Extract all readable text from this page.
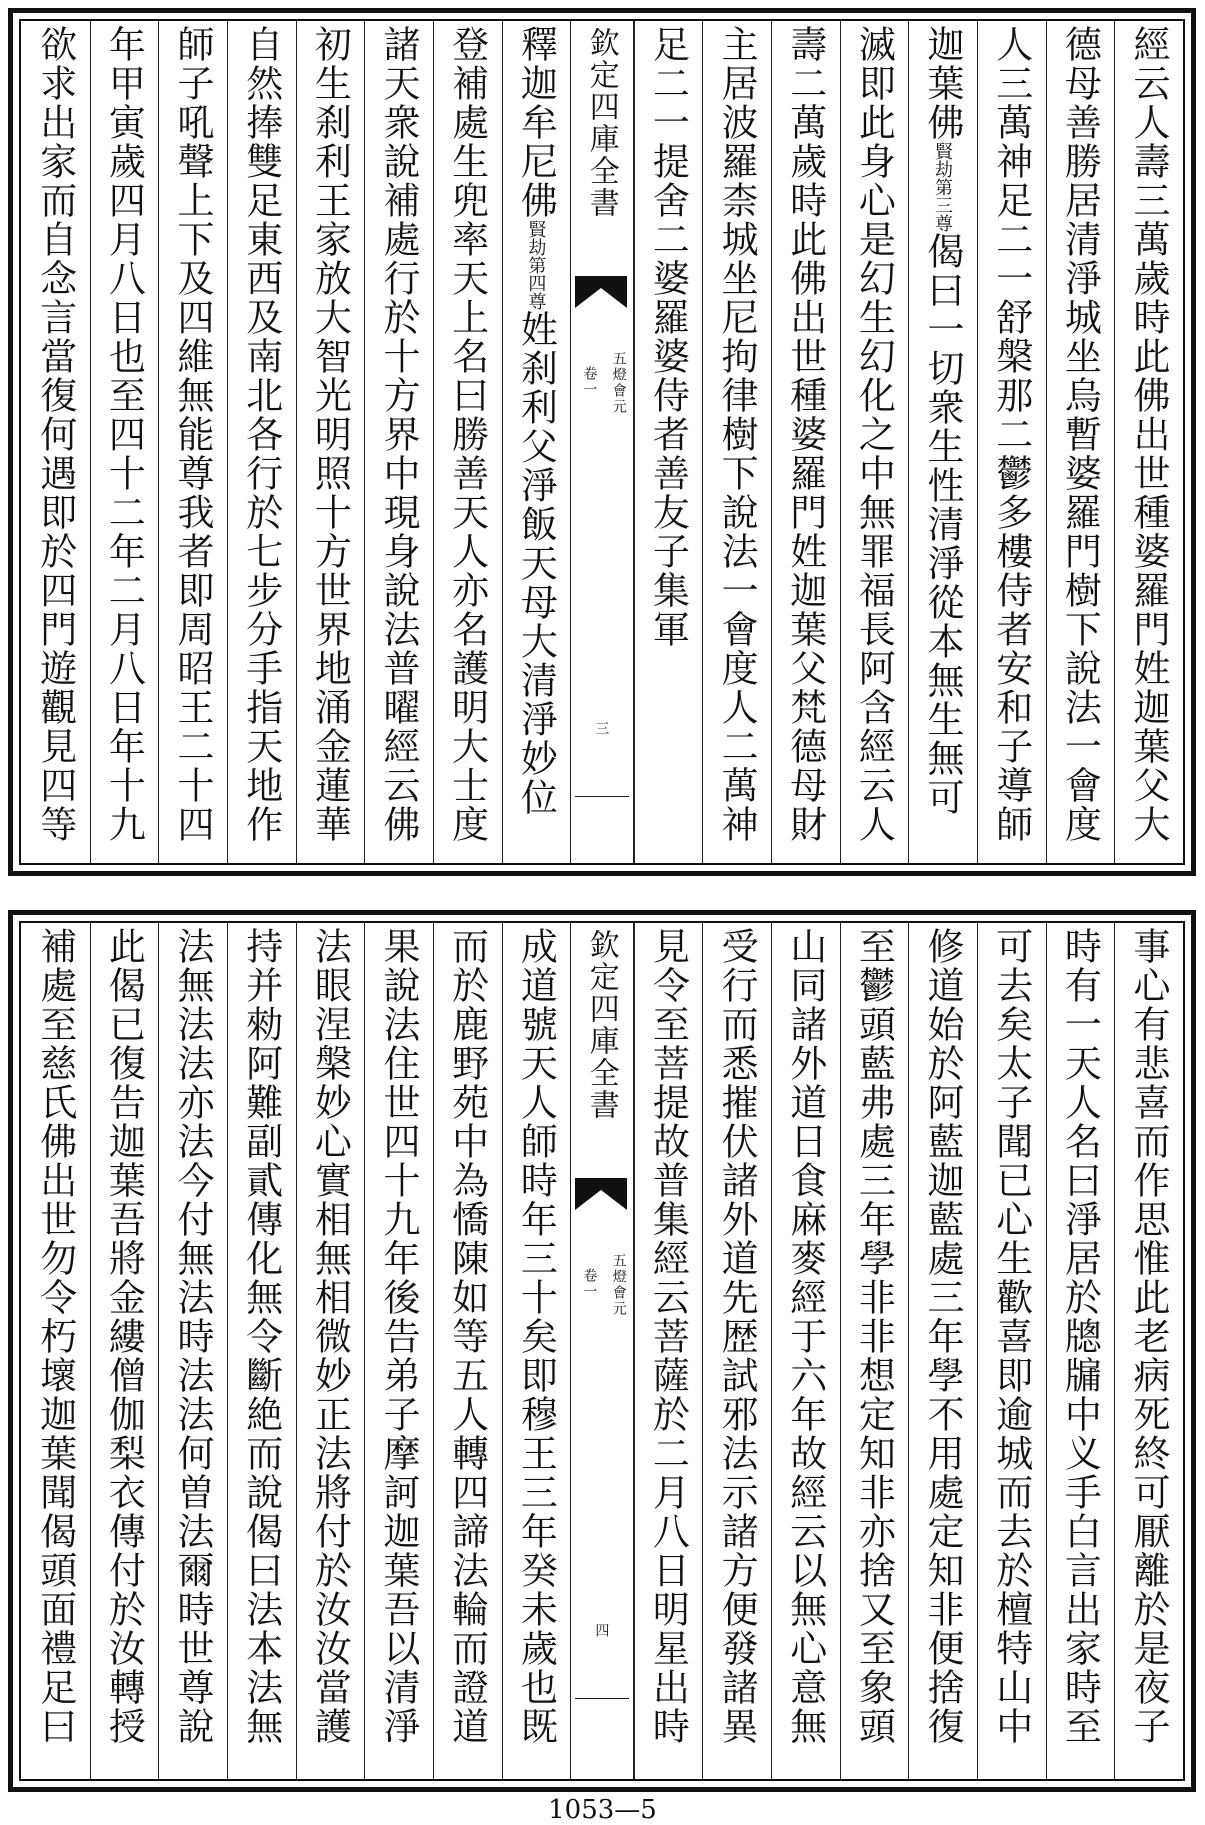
經云人壽三萬歲時此佛出世種婆羅門姓迦葉父大
德母善勝居清淨城坐烏暫婆羅門樹下說法一會度
人三萬神足二一舒槃那二鬱多樓侍者安和子導師
迦葉佛賢劫第三尊偈曰一切衆生性清淨從本無生無可
滅即此身心是幻生幻化之中無罪福長阿含經云人
壽二萬歲時此佛出世種婆羅門姓迦葉父梵德母財
主居波羅柰城坐尼拘律樹下說法一會度人二萬神
足二一提舍二婆羅婆侍者善友子集軍
欽定四庫全書
五燈會元
卷一
三
釋迦牟尼佛賢劫第四尊姓刹利父淨飯天母大清淨妙位
登補處生兜率天上名曰勝善天人亦名護明大士度
諸天衆說補處行於十方界中現身說法普曜經云佛
初生刹利王家放大智光明照十方世界地涌金蓮華
自然捧雙足東西及南北各行於七步分手指天地作
師子吼聲上下及四維無能尊我者即周昭王二十四
年甲寅歲四月八日也至四十二年二月八日年十九
欲求出家而自念言當復何遇即於四門遊觀見四等
事心有悲喜而作思惟此老病死終可厭離於是夜子
時有一天人名曰淨居於牕牖中义手白言出家時至
可去矣太子聞已心生歡喜即逾城而去於檀特山中
修道始於阿藍迦藍處三年學不用處定知非便捨復
至鬱頭藍弗處三年學非非想定知非亦捨又至象頭
山同諸外道日食麻麥經于六年故經云以無心意無
受行而悉摧伏諸外道先歴試邪法示諸方便發諸異
見令至菩提故普集經云菩薩於二月八日明星出時
欽定四庫全書
五燈會元
卷一
四
成道號天人師時年三十矣即穆王三年癸未歲也既
而於鹿野苑中為憍陳如等五人轉四諦法輪而證道
果說法住世四十九年後告弟子摩訶迦葉吾以清淨
法眼涅槃妙心實相無相微妙正法將付於汝汝當護
持并勑阿難副貳傳化無令斷絶而說偈曰法本法無
法無法法亦法今付無法時法法何曽法爾時世尊說
此偈已復告迦葉吾將金縷僧伽梨衣傳付於汝轉授
補處至慈氏佛出世勿令朽壞迦葉聞偈頭面禮足曰
1053—5
